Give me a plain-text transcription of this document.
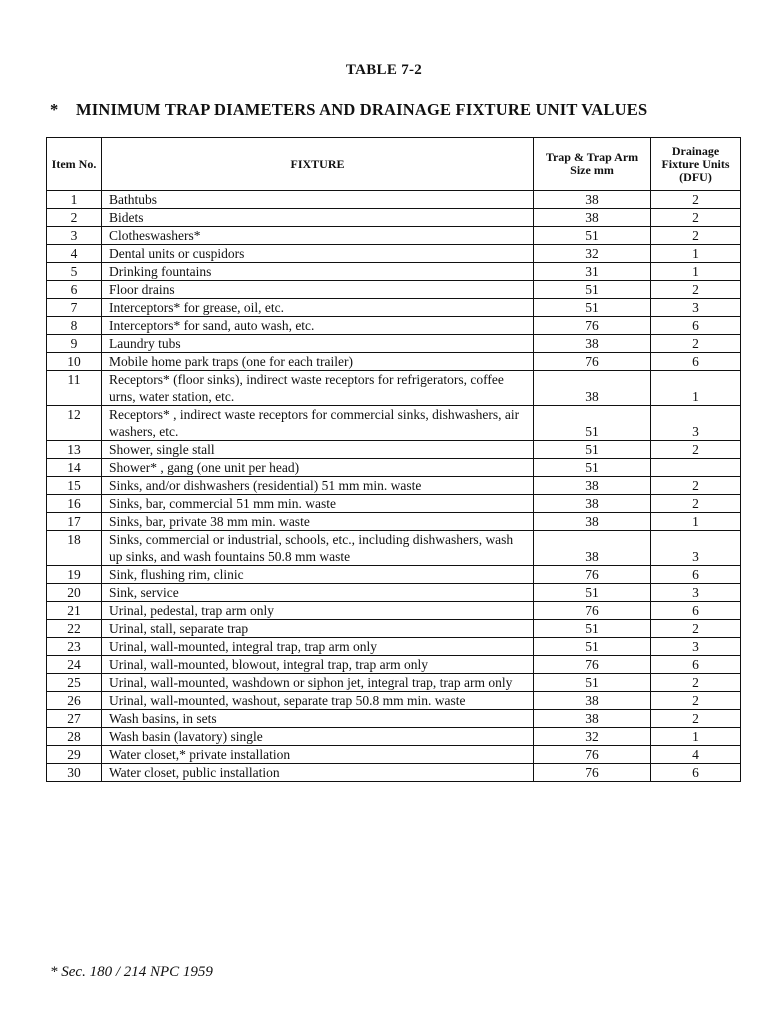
TABLE 7-2
* MINIMUM TRAP DIAMETERS AND DRAINAGE FIXTURE UNIT VALUES
Item No.	FIXTURE	Trap & Trap Arm Size mm	Drainage Fixture Units (DFU)
1	Bathtubs	38	2
2	Bidets	38	2
3	Clotheswashers*	51	2
4	Dental units or cuspidors	32	1
5	Drinking fountains	31	1
6	Floor drains	51	2
7	Interceptors* for grease, oil, etc.	51	3
8	Interceptors* for sand, auto wash, etc.	76	6
9	Laundry tubs	38	2
10	Mobile home park traps (one for each trailer)	76	6
11	Receptors* (floor sinks), indirect waste receptors for refrigerators, coffee urns, water station, etc.	38	1
12	Receptors* , indirect waste receptors for commercial sinks, dishwashers, air washers, etc.	51	3
13	Shower, single stall	51	2
14	Shower* , gang (one unit per head)	51	
15	Sinks, and/or dishwashers (residential) 51 mm min. waste	38	2
16	Sinks, bar, commercial 51 mm min. waste	38	2
17	Sinks, bar, private 38 mm min. waste	38	1
18	Sinks, commercial or industrial, schools, etc., including dishwashers, wash up sinks, and wash fountains 50.8 mm waste	38	3
19	Sink, flushing rim, clinic	76	6
20	Sink, service	51	3
21	Urinal, pedestal, trap arm only	76	6
22	Urinal, stall, separate trap	51	2
23	Urinal, wall-mounted, integral trap, trap arm only	51	3
24	Urinal, wall-mounted, blowout, integral trap, trap arm only	76	6
25	Urinal, wall-mounted, washdown or siphon jet, integral trap, trap arm only	51	2
26	Urinal, wall-mounted, washout, separate trap 50.8 mm min. waste	38	2
27	Wash basins, in sets	38	2
28	Wash basin (lavatory) single	32	1
29	Water closet,* private installation	76	4
30	Water closet, public installation	76	6
* Sec. 180 / 214 NPC 1959
